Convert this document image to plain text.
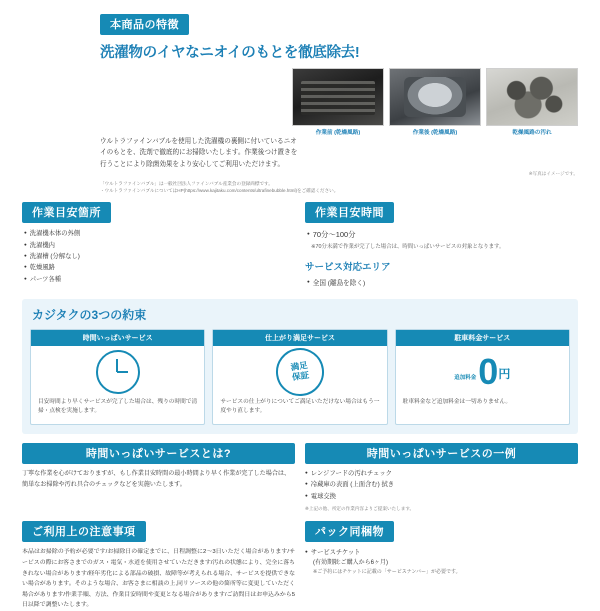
本商品の特徴
洗濯物のイヤなニオイのもとを徹底除去!
作業前 (乾燥風路)	作業後 (乾燥風路)	乾燥風路の汚れ
ウルトラファインバブルを使用した洗濯機の裏側に付いているニオイのもとを、洗剤で徹底的にお掃除いたします。作業後つけ置きを行うことにより除菌効果をより安心してご利用いただけます。
※写真はイメージです。
「ウルトラファインバブル」は一般社団法人ファインバブル産業会の登録商標です。
・ウルトラファインバブルについてはHP(https://www.kajitaku.com/contents/ultrafinebubble.html)をご確認ください。
作業目安箇所
● 洗濯機本体の外側
● 洗濯機内
● 洗濯槽 (分解なし)
● 乾燥風路
● パーツ各種
作業目安時間
● 70分〜100分
※70分未満で作業が完了した場合は、時間いっぱいサービスの対象となります。
サービス対応エリア
● 全国 (離島を除く)
カジタクの3つの約束
時間いっぱいサービス
目安時間より早くサービスが完了した場合は、残りの時間で清掃・点検を実施します。
仕上がり満足サービス
満足
保証
サービスの仕上がりについてご満足いただけない場合はもう一度やり直します。
駐車料金サービス
追加料金 0 円
駐車料金など追加料金は一切ありません。
時間いっぱいサービスとは?
丁寧な作業を心がけておりますが、もし作業目安時間の最小時間より早く作業が完了した場合は、簡単なお掃除や汚れ具合のチェックなどを実施いたします。
時間いっぱいサービスの一例
● レンジフードの汚れチェック
● 冷蔵庫の表面 (上面含む) 拭き
● 電球交換
※上記の他、所定の作業内容よりご提案いたします。
ご利用上の注意事項
本品はお掃除の予約が必要です/お掃除日の確定までに、日程調整に2〜3日いただく場合があります/サービスの際にお客さまでのガス・電気・水道を使用させていただきます/汚れの状態により、完全に落ちきれない場合があります/経年劣化による部品の破損、故障等が考えられる場合、サービスを提供できない場合があります。そのような場合、お客さまに相談の上,同リソースの他の箇所等に変更していただく場合があります/作業手順、方法、作業目安時間や変更となる場合があります/ご訪問日はお申込みから5日以降で調整いたします。
パック同梱物
● サービスチケット
(有効期限:ご購入から6ヶ月)
※ご予約にはチケットに記載の「サービスナンバー」が必要です。
